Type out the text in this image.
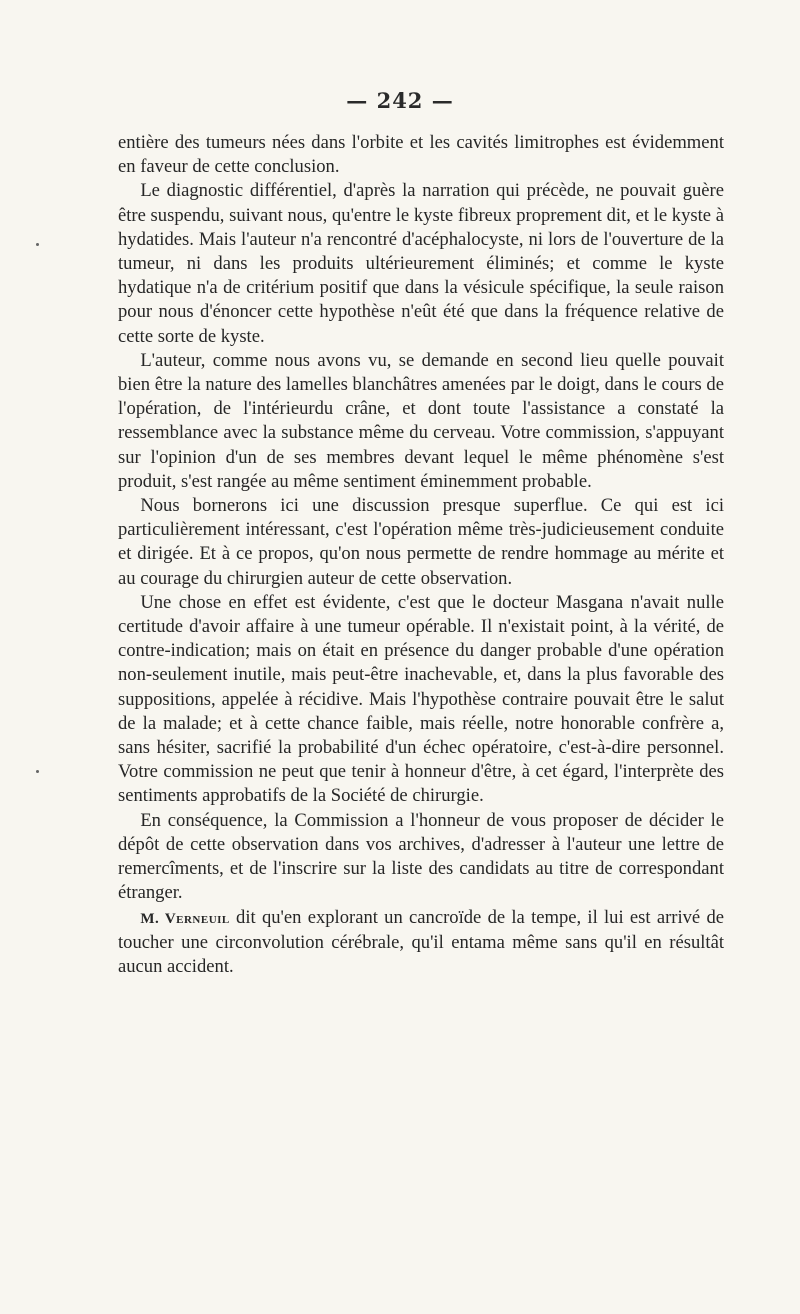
— 242 —

entière des tumeurs nées dans l'orbite et les cavités limitrophes est évidemment en faveur de cette conclusion.

Le diagnostic différentiel, d'après la narration qui précède, ne pouvait guère être suspendu, suivant nous, qu'entre le kyste fibreux proprement dit, et le kyste à hydatides. Mais l'auteur n'a rencontré d'acéphalocyste, ni lors de l'ouverture de la tumeur, ni dans les produits ultérieurement éliminés; et comme le kyste hydatique n'a de critérium positif que dans la vésicule spécifique, la seule raison pour nous d'énoncer cette hypothèse n'eût été que dans la fréquence relative de cette sorte de kyste.

L'auteur, comme nous avons vu, se demande en second lieu quelle pouvait bien être la nature des lamelles blanchâtres amenées par le doigt, dans le cours de l'opération, de l'intérieurdu crâne, et dont toute l'assistance a constaté la ressemblance avec la substance même du cerveau. Votre commission, s'appuyant sur l'opinion d'un de ses membres devant lequel le même phénomène s'est produit, s'est rangée au même sentiment éminemment probable.

Nous bornerons ici une discussion presque superflue. Ce qui est ici particulièrement intéressant, c'est l'opération même très-judicieusement conduite et dirigée. Et à ce propos, qu'on nous permette de rendre hommage au mérite et au courage du chirurgien auteur de cette observation.

Une chose en effet est évidente, c'est que le docteur Masgana n'avait nulle certitude d'avoir affaire à une tumeur opérable. Il n'existait point, à la vérité, de contre-indication; mais on était en présence du danger probable d'une opération non-seulement inutile, mais peut-être inachevable, et, dans la plus favorable des suppositions, appelée à récidive. Mais l'hypothèse contraire pouvait être le salut de la malade; et à cette chance faible, mais réelle, notre honorable confrère a, sans hésiter, sacrifié la probabilité d'un échec opératoire, c'est-à-dire personnel. Votre commission ne peut que tenir à honneur d'être, à cet égard, l'interprète des sentiments approbatifs de la Société de chirurgie.

En conséquence, la Commission a l'honneur de vous proposer de décider le dépôt de cette observation dans vos archives, d'adresser à l'auteur une lettre de remercîments, et de l'inscrire sur la liste des candidats au titre de correspondant étranger.

M. Verneuil dit qu'en explorant un cancroïde de la tempe, il lui est arrivé de toucher une circonvolution cérébrale, qu'il entama même sans qu'il en résultât aucun accident.
